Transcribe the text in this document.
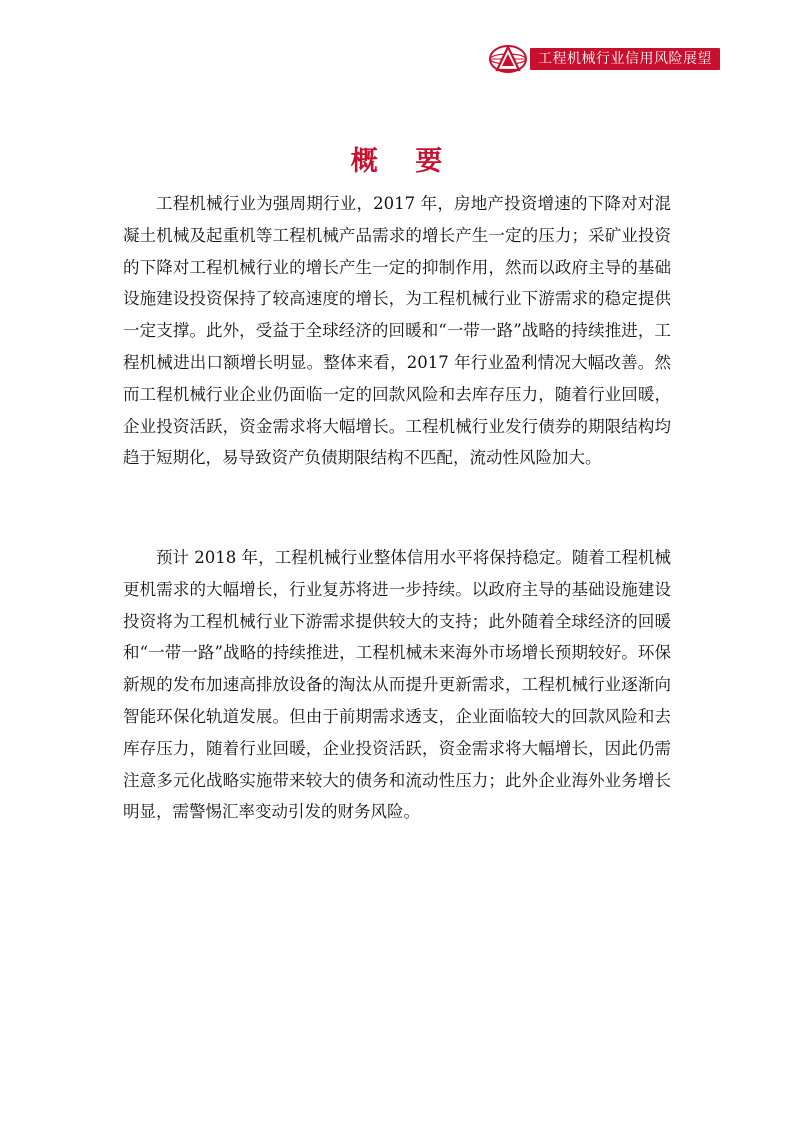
工程机械行业信用风险展望
概 要

工程机械行业为强周期行业，2017 年，房地产投资增速的下降对对混凝土机械及起重机等工程机械产品需求的增长产生一定的压力；采矿业投资的下降对工程机械行业的增长产生一定的抑制作用，然而以政府主导的基础设施建设投资保持了较高速度的增长，为工程机械行业下游需求的稳定提供一定支撑。此外，受益于全球经济的回暖和“一带一路”战略的持续推进，工程机械进出口额增长明显。整体来看，2017 年行业盈利情况大幅改善。然而工程机械行业企业仍面临一定的回款风险和去库存压力，随着行业回暖，企业投资活跃，资金需求将大幅增长。工程机械行业发行债券的期限结构均趋于短期化，易导致资产负债期限结构不匹配，流动性风险加大。

预计 2018 年，工程机械行业整体信用水平将保持稳定。随着工程机械更机需求的大幅增长，行业复苏将进一步持续。以政府主导的基础设施建设投资将为工程机械行业下游需求提供较大的支持；此外随着全球经济的回暖和“一带一路”战略的持续推进，工程机械未来海外市场增长预期较好。环保新规的发布加速高排放设备的淘汰从而提升更新需求，工程机械行业逐渐向智能环保化轨道发展。但由于前期需求透支，企业面临较大的回款风险和去库存压力，随着行业回暖，企业投资活跃，资金需求将大幅增长，因此仍需注意多元化战略实施带来较大的债务和流动性压力；此外企业海外业务增长明显，需警惕汇率变动引发的财务风险。
